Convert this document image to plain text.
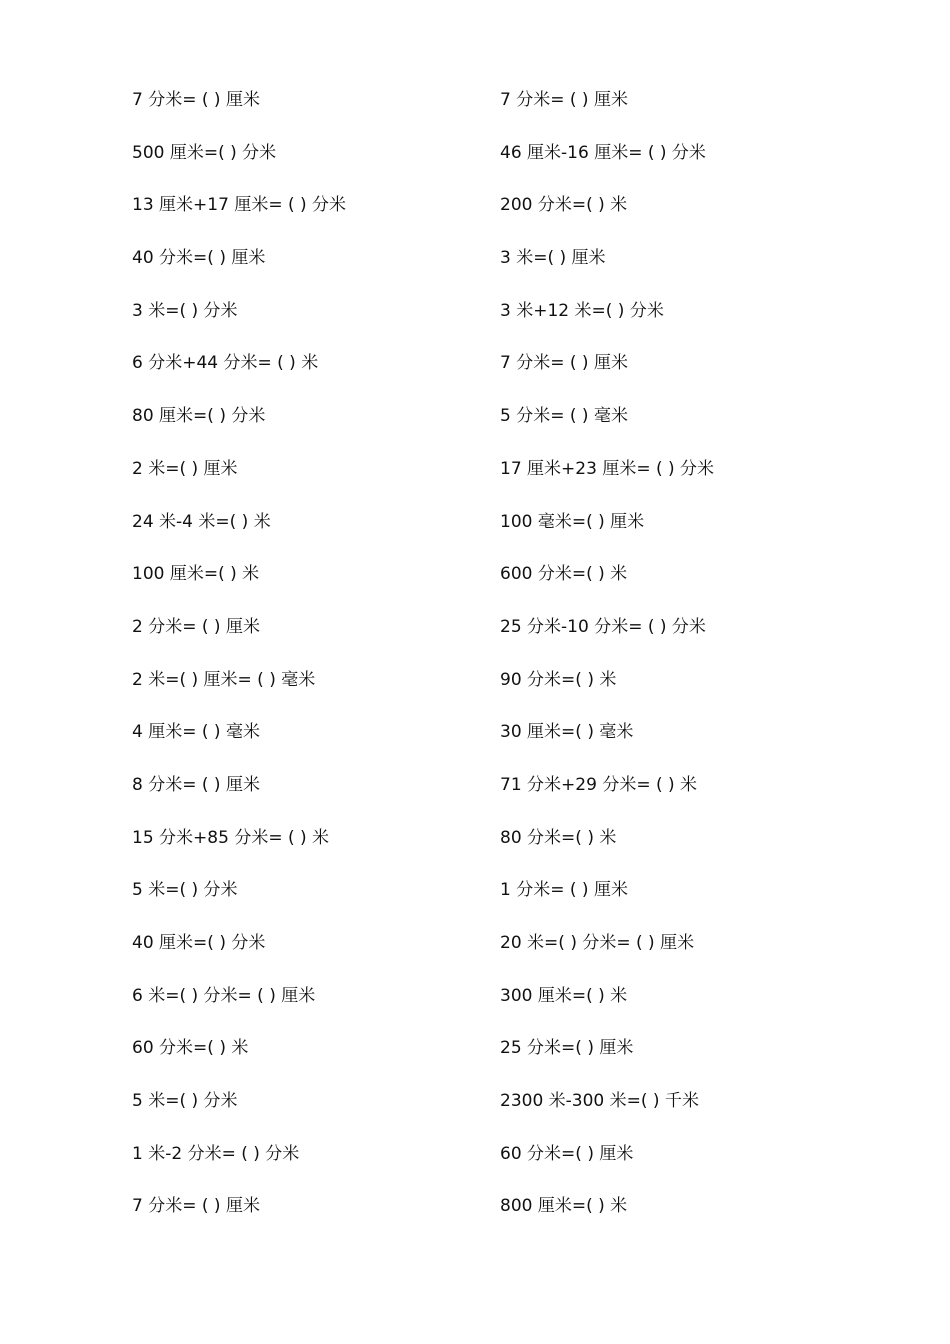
7 分米= ( ) 厘米
500 厘米=( ) 分米
13 厘米+17 厘米= ( ) 分米
40 分米=( ) 厘米
3 米=( ) 分米
6 分米+44 分米= ( ) 米
80 厘米=( ) 分米
2 米=( ) 厘米
24 米-4 米=( ) 米
100 厘米=( ) 米
2 分米= ( ) 厘米
2 米=( ) 厘米= ( ) 毫米
4 厘米= ( ) 毫米
8 分米= ( ) 厘米
15 分米+85 分米= ( ) 米
5 米=( ) 分米
40 厘米=( ) 分米
6 米=( ) 分米= ( ) 厘米
60 分米=( ) 米
5 米=( ) 分米
1 米-2 分米= ( ) 分米
7 分米= ( ) 厘米
7 分米= ( ) 厘米
46 厘米-16 厘米= ( ) 分米
200 分米=( ) 米
3 米=( ) 厘米
3 米+12 米=( ) 分米
7 分米= ( ) 厘米
5 分米= ( ) 毫米
17 厘米+23 厘米= ( ) 分米
100 毫米=( ) 厘米
600 分米=( ) 米
25 分米-10 分米= ( ) 分米
90 分米=( ) 米
30 厘米=( ) 毫米
71 分米+29 分米= ( ) 米
80 分米=( ) 米
1 分米= ( ) 厘米
20 米=( ) 分米= ( ) 厘米
300 厘米=( ) 米
25 分米=( ) 厘米
2300 米-300 米=( ) 千米
60 分米=( ) 厘米
800 厘米=( ) 米
